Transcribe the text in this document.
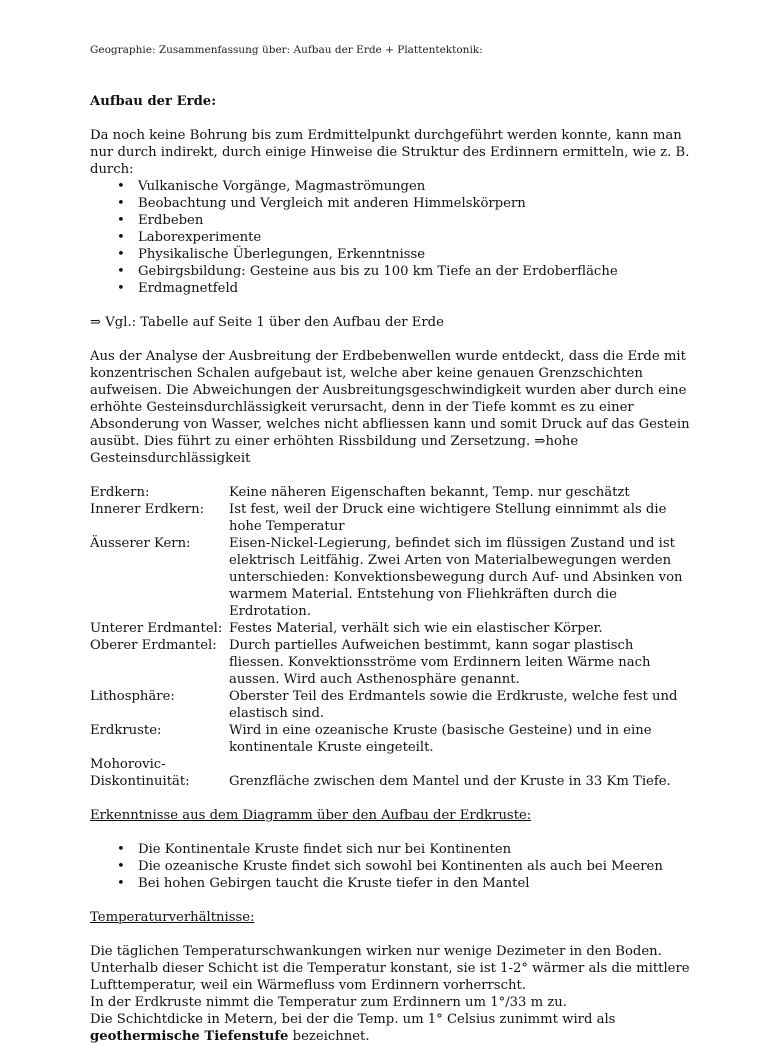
Geographie: Zusammenfassung über: Aufbau der Erde + Plattentektonik:

Aufbau der Erde:

Da noch keine Bohrung bis zum Erdmittelpunkt durchgeführt werden konnte, kann man nur durch indirekt, durch einige Hinweise die Struktur des Erdinnern ermitteln, wie z. B. durch:

• Vulkanische Vorgänge, Magmaströmungen
• Beobachtung und Vergleich mit anderen Himmelskörpern
• Erdbeben
• Laborexperimente
• Physikalische Überlegungen, Erkenntnisse
• Gebirgsbildung: Gesteine aus bis zu 100 km Tiefe an der Erdoberfläche
• Erdmagnetfeld

⇒ Vgl.: Tabelle auf Seite 1 über den Aufbau der Erde

Aus der Analyse der Ausbreitung der Erdbebenwellen wurde entdeckt, dass die Erde mit konzentrischen Schalen aufgebaut ist, welche aber keine genauen Grenzschichten aufweisen. Die Abweichungen der Ausbreitungsgeschwindigkeit wurden aber durch eine erhöhte Gesteinsdurchlässigkeit verursacht, denn in der Tiefe kommt es zu einer Absonderung von Wasser, welches nicht abfliessen kann und somit Druck auf das Gestein ausübt. Dies führt zu einer erhöhten Rissbildung und Zersetzung. ⇒hohe Gesteinsdurchlässigkeit

Erdkern:	Keine näheren Eigenschaften bekannt, Temp. nur geschätzt
Innerer Erdkern:	Ist fest, weil der Druck eine wichtigere Stellung einnimmt als die hohe Temperatur
Äusserer Kern:	Eisen-Nickel-Legierung, befindet sich im flüssigen Zustand und ist elektrisch Leitfähig. Zwei Arten von Materialbewegungen werden unterschieden: Konvektionsbewegung durch Auf- und Absinken von warmem Material. Entstehung von Fliehkräften durch die Erdrotation.
Unterer Erdmantel: Festes Material, verhält sich wie ein elastischer Körper.
Oberer Erdmantel: Durch partielles Aufweichen bestimmt, kann sogar plastisch fliessen. Konvektionsströme vom Erdinnern leiten Wärme nach aussen. Wird auch Asthenosphäre genannt.
Lithosphäre:	Oberster Teil des Erdmantels sowie die Erdkruste, welche fest und elastisch sind.
Erdkruste:	Wird in eine ozeanische Kruste (basische Gesteine) und in eine kontinentale Kruste eingeteilt.
Mohorovic-
Diskontinuität:
	Grenzfläche zwischen dem Mantel und der Kruste in 33 Km Tiefe.

Erkenntnisse aus dem Diagramm über den Aufbau der Erdkruste:

• Die Kontinentale Kruste findet sich nur bei Kontinenten
• Die ozeanische Kruste findet sich sowohl bei Kontinenten als auch bei Meeren
• Bei hohen Gebirgen taucht die Kruste tiefer in den Mantel

Temperaturverhältnisse:

Die täglichen Temperaturschwankungen wirken nur wenige Dezimeter in den Boden. Unterhalb dieser Schicht ist die Temperatur konstant, sie ist 1-2° wärmer als die mittlere Lufttemperatur, weil ein Wärmefluss vom Erdinnern vorherrscht.

In der Erdkruste nimmt die Temperatur zum Erdinnern um 1°/33 m zu.

Die Schichtdicke in Metern, bei der die Temp. um 1° Celsius zunimmt wird als geothermische Tiefenstufe bezeichnet.
